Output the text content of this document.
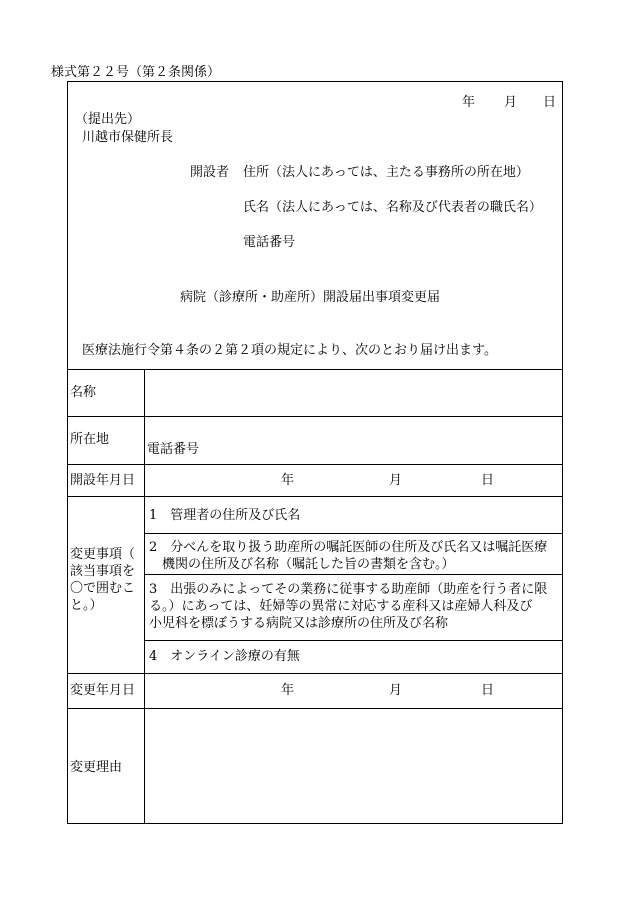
様式第２２号（第２条関係）
年 月 日
（提出先）
川越市保健所長
開設者 住所（法人にあっては、主たる事務所の所在地）
氏名（法人にあっては、名称及び代表者の職氏名）
電話番号
病院（診療所・助産所）開設届出事項変更届
医療法施行令第４条の２第２項の規定により、次のとおり届け出ます。
名称
所在地
電話番号
開設年月日	年	月	日
変更事項（
該当事項を
〇で囲むこ
と。）
1　管理者の住所及び氏名
2　分べんを取り扱う助産所の嘱託医師の住所及び氏名又は嘱託医療
　機関の住所及び名称（嘱託した旨の書類を含む。）
3　出張のみによってその業務に従事する助産師（助産を行う者に限
る。）にあっては、妊婦等の異常に対応する産科又は産婦人科及び
小児科を標ぼうする病院又は診療所の住所及び名称
4　オンライン診療の有無
変更年月日	年	月	日
変更理由
